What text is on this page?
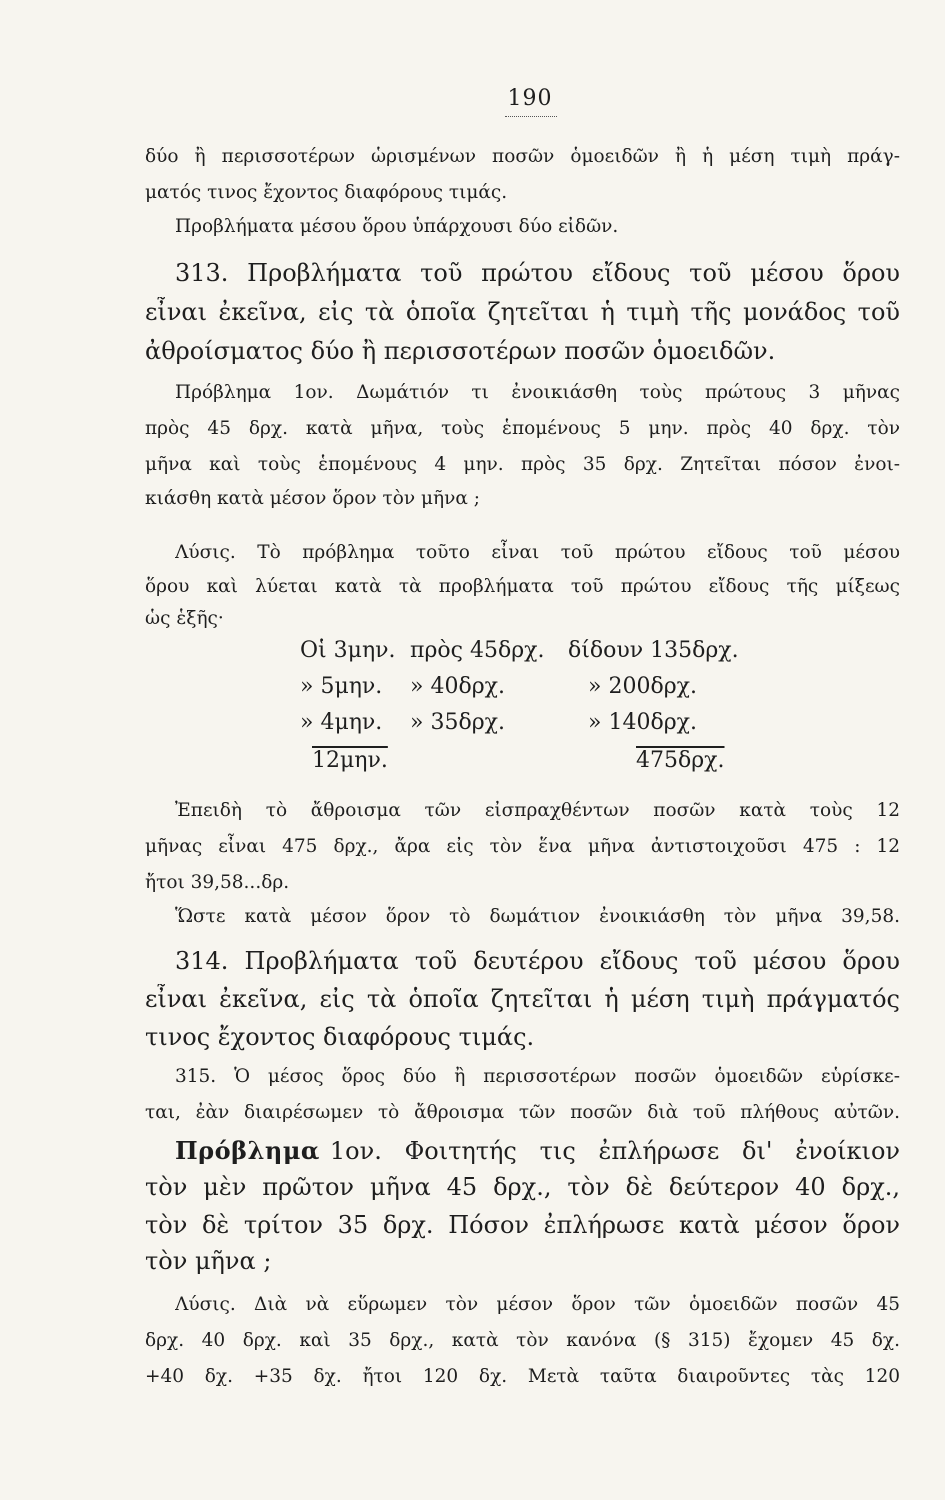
190
δύο ἢ περισσοτέρων ὡρισμένων ποσῶν ὁμοειδῶν ἢ ἡ μέση τιμὴ πράγ-
ματός τινος ἔχοντος διαφόρους τιμάς.
Προβλήματα μέσου ὅρου ὑπάρχουσι δύο εἰδῶν.
313. Προβλήματα τοῦ πρώτου εἴδους τοῦ μέσου ὅρου
εἶναι ἐκεῖνα, εἰς τὰ ὁποῖα ζητεῖται ἡ τιμὴ τῆς μονάδος τοῦ
ἀθροίσματος δύο ἢ περισσοτέρων ποσῶν ὁμοειδῶν.
Πρόβλημα 1ον. Δωμάτιόν τι ἐνοικιάσθη τοὺς πρώτους 3 μῆνας
πρὸς 45 δρχ. κατὰ μῆνα, τοὺς ἑπομένους 5 μην. πρὸς 40 δρχ. τὸν
μῆνα καὶ τοὺς ἑπομένους 4 μην. πρὸς 35 δρχ. Ζητεῖται πόσον ἐνοι-
κιάσθη κατὰ μέσον ὅρον τὸν μῆνα ;
Λύσις. Τὸ πρόβλημα τοῦτο εἶναι τοῦ πρώτου εἴδους τοῦ μέσου
ὅρου καὶ λύεται κατὰ τὰ προβλήματα τοῦ πρώτου εἴδους τῆς μίξεως
ὡς ἑξῆς·
Οἱ 3μην. πρὸς 45δρχ. δίδουν 135δρχ.
» 5μην. » 40δρχ.	» 200δρχ.
» 4μην. » 35δρχ.	» 140δρχ.
12μην.	475δρχ.
Ἐπειδὴ τὸ ἄθροισμα τῶν εἰσπραχθέντων ποσῶν κατὰ τοὺς 12
μῆνας εἶναι 475 δρχ., ἄρα εἰς τὸν ἕνα μῆνα ἀντιστοιχοῦσι 475 : 12
ἤτοι 39,58...δρ.
Ὥστε κατὰ μέσον ὅρον τὸ δωμάτιον ἐνοικιάσθη τὸν μῆνα 39,58.
314. Προβλήματα τοῦ δευτέρου εἴδους τοῦ μέσου ὅρου
εἶναι ἐκεῖνα, εἰς τὰ ὁποῖα ζητεῖται ἡ μέση τιμὴ πράγματός
τινος ἔχοντος διαφόρους τιμάς.
315. Ὁ μέσος ὅρος δύο ἢ περισσοτέρων ποσῶν ὁμοειδῶν εὑρίσκε-
ται, ἐὰν διαιρέσωμεν τὸ ἄθροισμα τῶν ποσῶν διὰ τοῦ πλήθους αὐτῶν.
Πρόβλημα 1ον. Φοιτητής τις ἐπλήρωσε δι' ἐνοίκιον
τὸν μὲν πρῶτον μῆνα 45 δρχ., τὸν δὲ δεύτερον 40 δρχ.,
τὸν δὲ τρίτον 35 δρχ. Πόσον ἐπλήρωσε κατὰ μέσον ὅρον
τὸν μῆνα ;
Λύσις. Διὰ νὰ εὕρωμεν τὸν μέσον ὅρον τῶν ὁμοειδῶν ποσῶν 45
δρχ. 40 δρχ. καὶ 35 δρχ., κατὰ τὸν κανόνα (§ 315) ἔχομεν 45 δχ.
+40 δχ. +35 δχ. ἤτοι 120 δχ. Μετὰ ταῦτα διαιροῦντες τὰς 120
